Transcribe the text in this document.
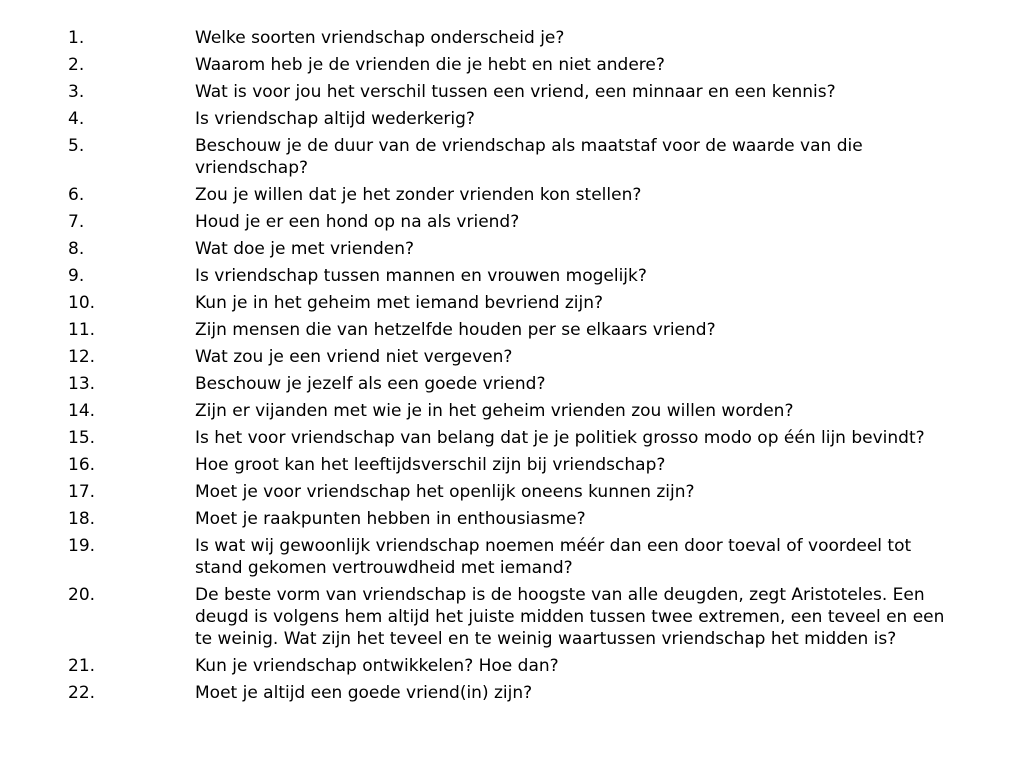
1.	Welke soorten vriendschap onderscheid je?
2.	Waarom heb je de vrienden die je hebt en niet andere?
3.	Wat is voor jou het verschil tussen een vriend, een minnaar en een kennis?
4.	Is vriendschap altijd wederkerig?
5.	Beschouw je de duur van de vriendschap als maatstaf voor de waarde van die vriendschap?
6.	Zou je willen dat je het zonder vrienden kon stellen?
7.	Houd je er een hond op na als vriend?
8.	Wat doe je met vrienden?
9.	Is vriendschap tussen mannen en vrouwen mogelijk?
10.	Kun je in het geheim met iemand bevriend zijn?
11.	Zijn mensen die van hetzelfde houden per se elkaars vriend?
12.	Wat zou je een vriend niet vergeven?
13.	Beschouw je jezelf als een goede vriend?
14.	Zijn er vijanden met wie je in het geheim vrienden zou willen worden?
15.	Is het voor vriendschap van belang dat je je politiek grosso modo op één lijn bevindt?
16.	Hoe groot kan het leeftijdsverschil zijn bij vriendschap?
17.	Moet je voor vriendschap het openlijk oneens kunnen zijn?
18.	Moet je raakpunten hebben in enthousiasme?
19.	Is wat wij gewoonlijk vriendschap noemen méér dan een door toeval of voordeel tot stand gekomen vertrouwdheid met iemand?
20.	De beste vorm van vriendschap is de hoogste van alle deugden, zegt Aristoteles. Een deugd is volgens hem altijd het juiste midden tussen twee extremen, een teveel en een te weinig. Wat zijn het teveel en te weinig waartussen vriendschap het midden is?
21.	Kun je vriendschap ontwikkelen? Hoe dan?
22.	Moet je altijd een goede vriend(in) zijn?
